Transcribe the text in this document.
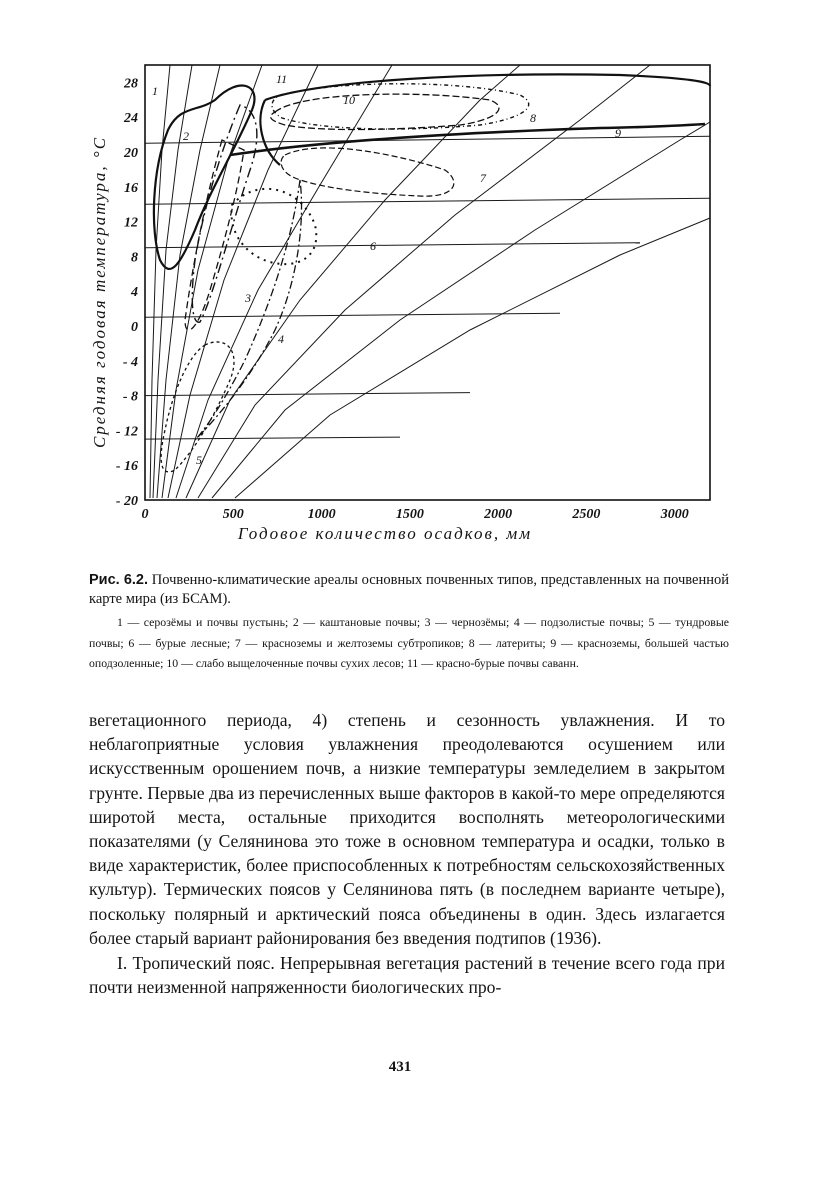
28
24
20
16
12
8
4
0
- 4
- 8
- 12
- 16
- 20
0	500	1000	1500	2000	2500	3000
1
2
3
4
5
6
7
8
9
10
11
Средняя годовая температура, °С
Годовое количество осадков, мм
Рис. 6.2. Почвенно-климатические ареалы основных почвенных типов, представленных на почвенной карте мира (из БСАМ).
1 — серозёмы и почвы пустынь; 2 — каштановые почвы; 3 — чернозёмы; 4 — подзолистые почвы; 5 — тундровые почвы; 6 — бурые лесные; 7 — красноземы и желтоземы субтропиков; 8 — латериты; 9 — красноземы, большей частью оподзоленные; 10 — слабо выщелоченные почвы сухих лесов; 11 — красно-бурые почвы саванн.

вегетационного периода, 4) степень и сезонность увлажнения. И то неблагоприятные условия увлажнения преодолеваются осушением или искусственным орошением почв, а низкие температуры земледелием в закрытом грунте. Первые два из перечисленных выше факторов в какой-то мере определяются широтой места, остальные приходится восполнять метеорологическими показателями (у Селянинова это тоже в основном температура и осадки, только в виде характеристик, более приспособленных к потребностям сельскохозяйственных культур). Термических поясов у Селянинова пять (в последнем варианте четыре), поскольку полярный и арктический пояса объединены в один. Здесь излагается более старый вариант районирования без введения подтипов (1936).

I. Тропический пояс. Непрерывная вегетация растений в течение всего года при почти неизменной напряженности биологических про-

431
